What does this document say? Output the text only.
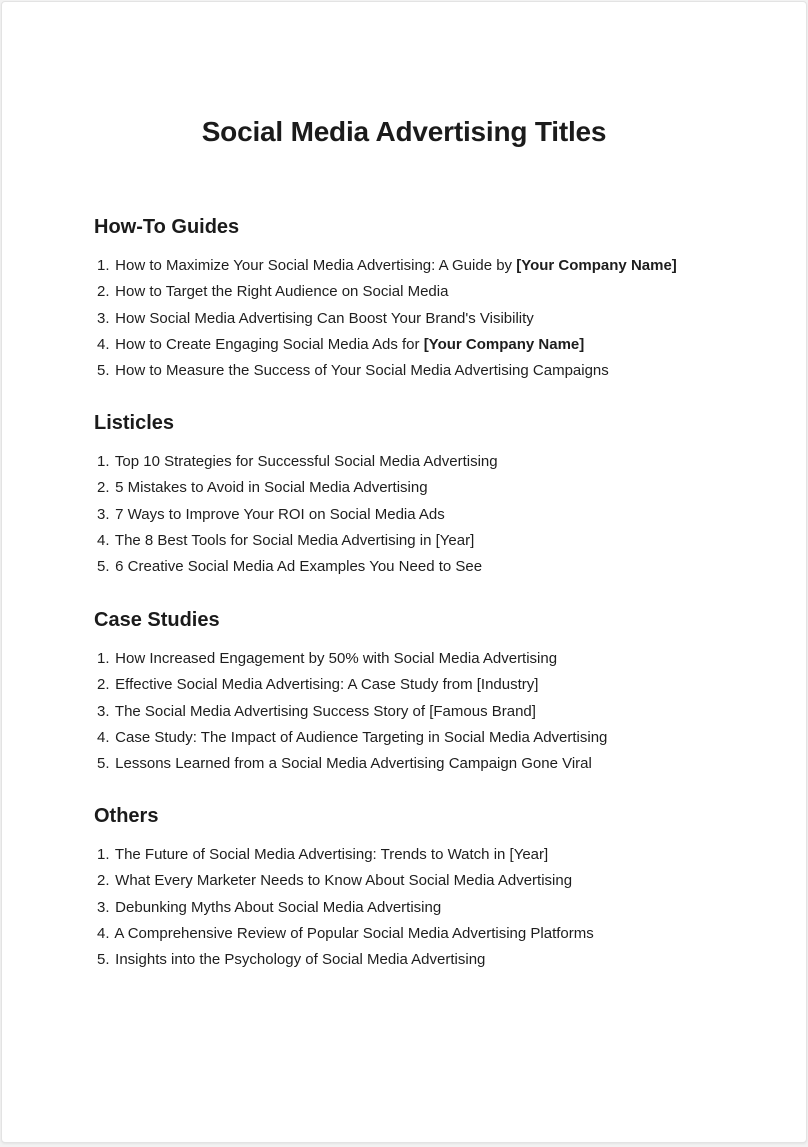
Social Media Advertising Titles
How-To Guides
1. How to Maximize Your Social Media Advertising: A Guide by [Your Company Name]
2. How to Target the Right Audience on Social Media
3. How Social Media Advertising Can Boost Your Brand's Visibility
4. How to Create Engaging Social Media Ads for [Your Company Name]
5. How to Measure the Success of Your Social Media Advertising Campaigns
Listicles
1. Top 10 Strategies for Successful Social Media Advertising
2. 5 Mistakes to Avoid in Social Media Advertising
3. 7 Ways to Improve Your ROI on Social Media Ads
4. The 8 Best Tools for Social Media Advertising in [Year]
5. 6 Creative Social Media Ad Examples You Need to See
Case Studies
1. How Increased Engagement by 50% with Social Media Advertising
2. Effective Social Media Advertising: A Case Study from [Industry]
3. The Social Media Advertising Success Story of [Famous Brand]
4. Case Study: The Impact of Audience Targeting in Social Media Advertising
5. Lessons Learned from a Social Media Advertising Campaign Gone Viral
Others
1. The Future of Social Media Advertising: Trends to Watch in [Year]
2. What Every Marketer Needs to Know About Social Media Advertising
3. Debunking Myths About Social Media Advertising
4. A Comprehensive Review of Popular Social Media Advertising Platforms
5. Insights into the Psychology of Social Media Advertising
